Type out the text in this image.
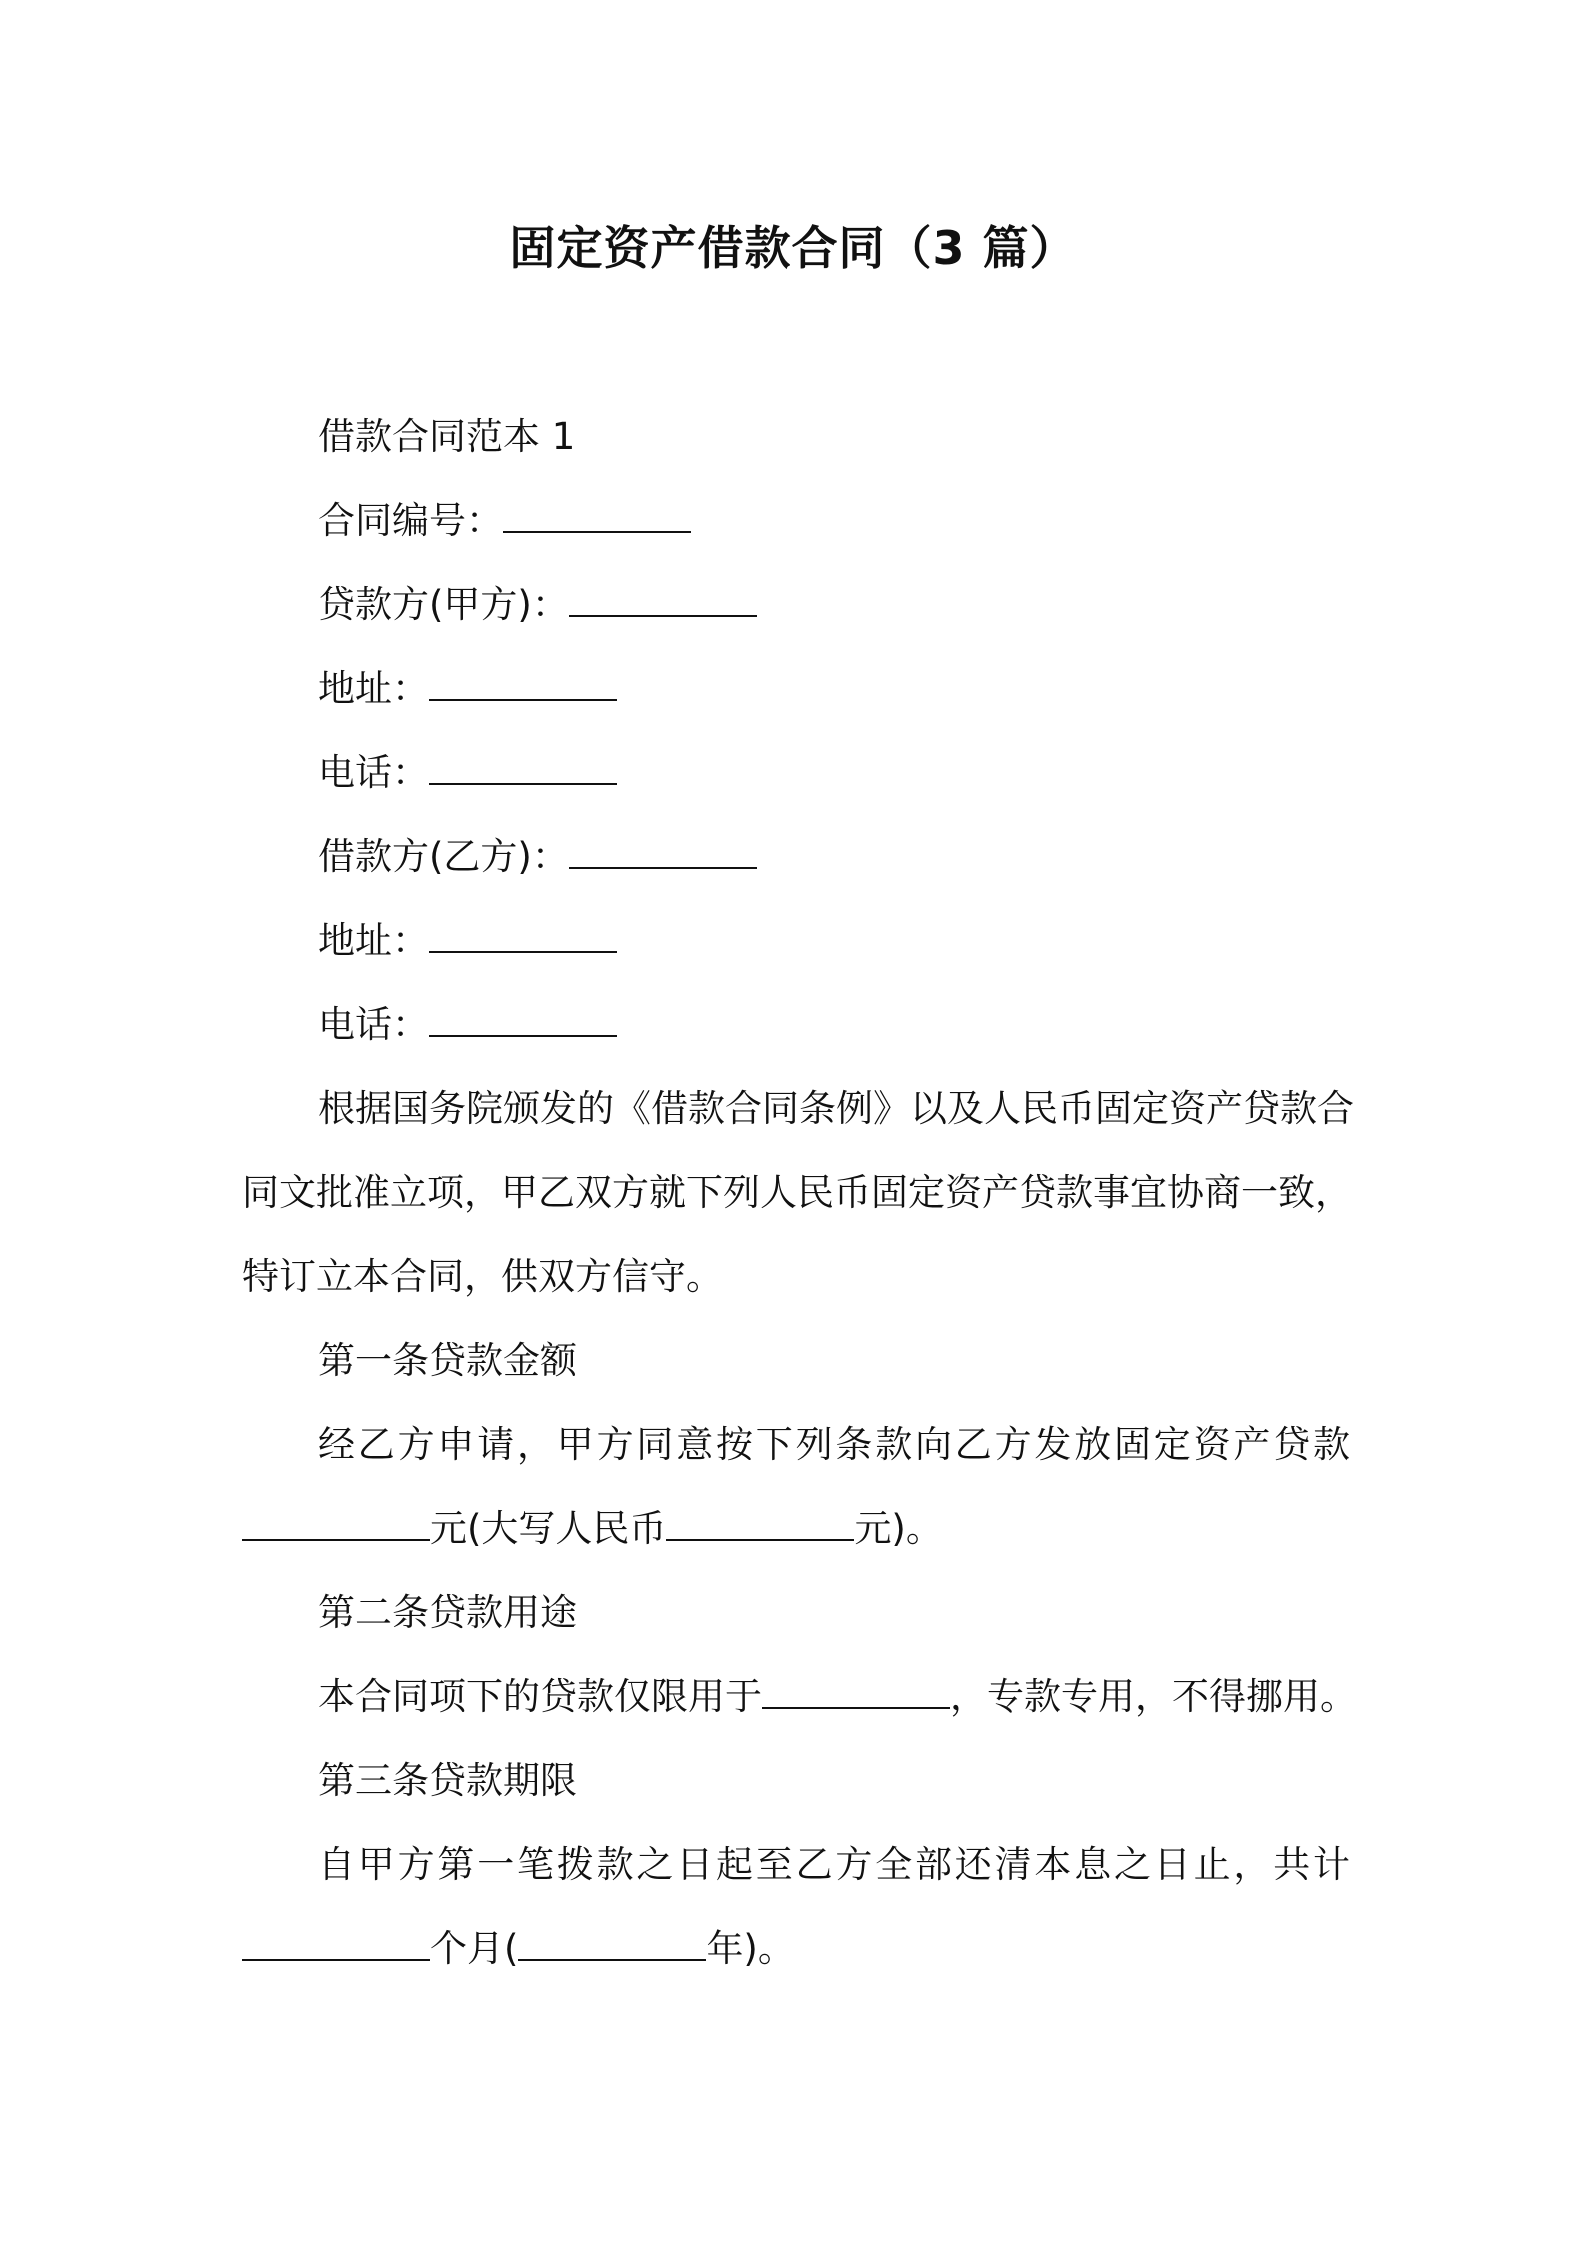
固定资产借款合同（3 篇）
借款合同范本 1
合同编号：
贷款方(甲方)：
地址：
电话：
借款方(乙方)：
地址：
电话：
根据国务院颁发的《借款合同条例》以及人民币固定资产贷款合
同文批准立项，甲乙双方就下列人民币固定资产贷款事宜协商一致，
特订立本合同，供双方信守。
第一条贷款金额
经乙方申请，甲方同意按下列条款向乙方发放固定资产贷款
元(大写人民币	元)。
第二条贷款用途
本合同项下的贷款仅限用于	，专款专用，不得挪用。
第三条贷款期限
自甲方第一笔拨款之日起至乙方全部还清本息之日止，共计
个月(	年)。
